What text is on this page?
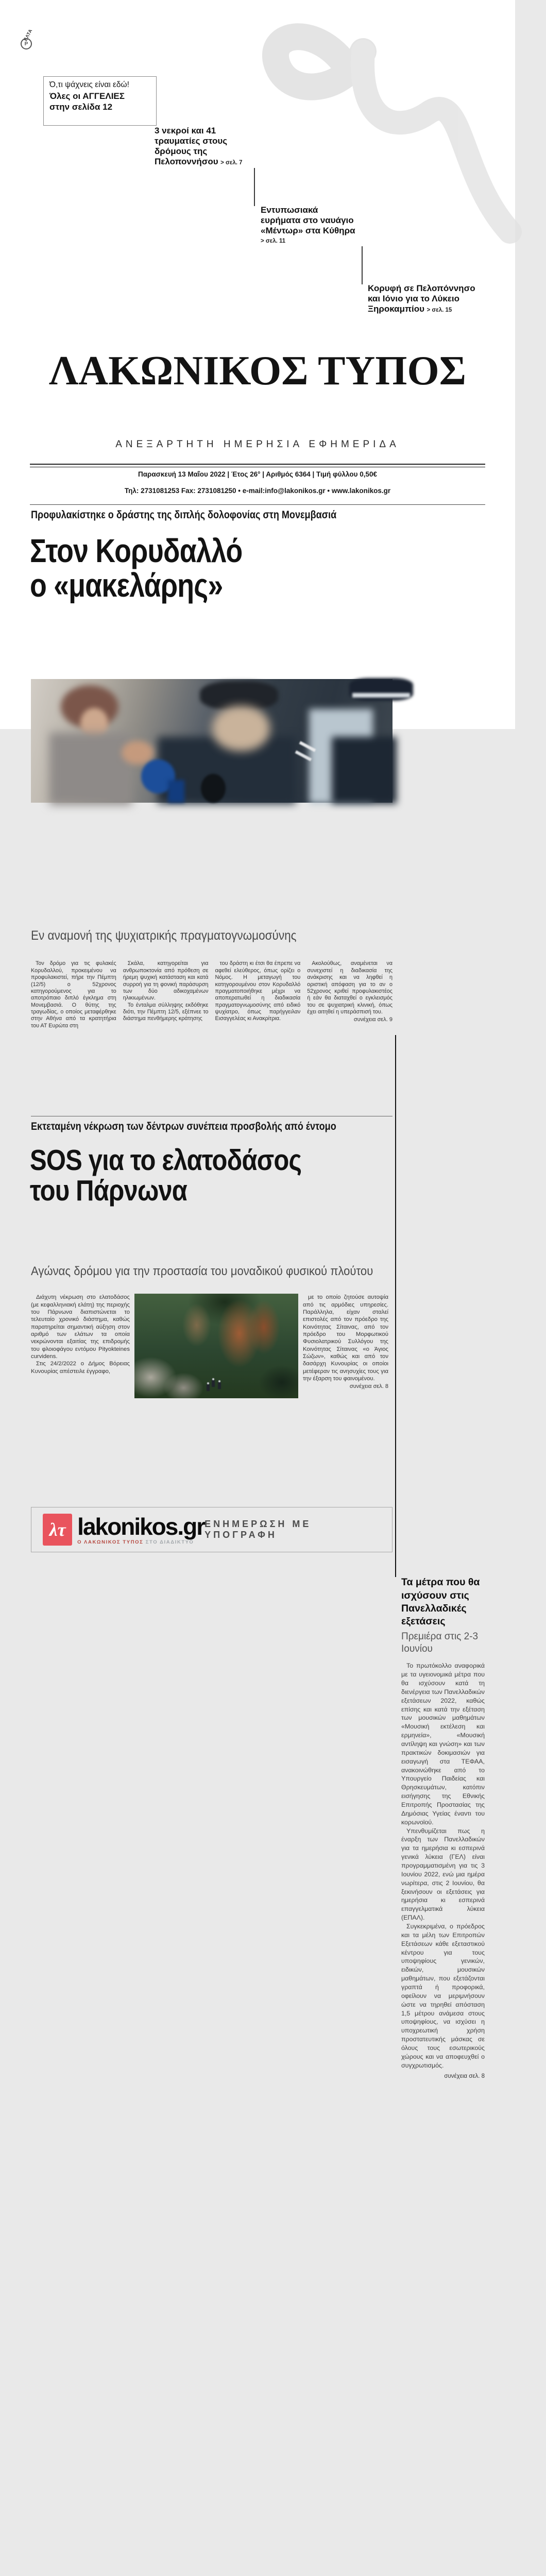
ΕΛΤΑ
P
Ό,τι ψάχνεις είναι εδώ!
Όλες οι ΑΓΓΕΛΙΕΣ
στην σελίδα 12
3 νεκροί και 41 τραυματίες στους δρόμους της Πελοποννήσου > σελ. 7
Εντυπωσιακά ευρήματα στο ναυάγιο «Μέντωρ» στα Κύθηρα > σελ. 11
Κορυφή σε Πελοπόννησο και Ιόνιο για το Λύκειο Ξηροκαμπίου > σελ. 15
ΛΑΚΩΝΙΚΟΣ ΤΥΠΟΣ
ΑΝΕΞΑΡΤΗΤΗ ΗΜΕΡΗΣΙΑ ΕΦΗΜΕΡΙΔΑ
Παρασκευή 13 Μαΐου 2022 | Έτος 26° | Αριθμός 6364 | Τιμή φύλλου 0,50€
Τηλ: 2731081253 Fax: 2731081250 • e-mail:info@lakonikos.gr • www.lakonikos.gr
Προφυλακίστηκε ο δράστης της διπλής δολοφονίας στη Μονεμβασιά
Στον Κορυδαλλό
ο «μακελάρης»
Εν αναμονή της ψυχιατρικής πραγματογνωμοσύνης

Τον δρόμο για τις φυλακές Κορυδαλλού, προκειμένου να προφυλακιστεί, πήρε την Πέμπτη (12/5) ο 52χρονος κατηγορούμενος για το αποτρόπαιο διπλό έγκλημα στη Μονεμβασιά. Ο θύτης της τραγωδίας, ο οποίος μεταφέρθηκε στην Αθήνα από τα κρατητήρια του ΑΤ Ευρώτα στη

Σκάλα, κατηγορείται για ανθρωποκτονία από πρόθεση σε ήρεμη ψυχική κατάσταση και κατά συρροή για τη φονική παράσυρση των δύο αδικοχαμένων ηλικιωμένων.

Το ένταλμα σύλληψης εκδόθηκε διότι, την Πέμπτη 12/5, εξέπνεε το διάστημα πενθήμερης κράτησης

του δράστη κι έτσι θα έπρεπε να αφεθεί ελεύθερος, όπως ορίζει ο Νόμος. Η μεταγωγή του κατηγορουμένου στον Κορυδαλλό πραγματοποιήθηκε μέχρι να αποπερατωθεί η διαδικασία πραγματογνωμοσύνης από ειδικό ψυχίατρο, όπως παρήγγειλαν Εισαγγελέας κι Ανακρίτρια.

Ακολούθως, αναμένεται να συνεχιστεί η διαδικασία της ανάκρισης και να ληφθεί η οριστική απόφαση για το αν ο 52χρονος κριθεί προφυλακιστέος ή εάν θα διαταχθεί ο εγκλεισμός του σε ψυχιατρική κλινική, όπως έχει αιτηθεί η υπεράσπισή του.

συνέχεια σελ. 9
Εκτεταμένη νέκρωση των δέντρων συνέπεια προσβολής από έντομο
SOS για το ελατοδάσος
του Πάρνωνα
Αγώνας δρόμου για την προστασία του μοναδικού φυσικού πλούτου

Διάχυτη νέκρωση στο ελατοδάσος (με κεφαλληνιακή ελάτη) της περιοχής του Πάρνωνα διαπιστώνεται το τελευταίο χρονικό διάστημα, καθώς παρατηρείται σημαντική αύξηση στον αριθμό των ελάτων τα οποία νεκρώνονται εξαιτίας της επιδρομής του φλοιοφάγου εντόμου Pityokteines curvidens.

Στις 24/2/2022 ο Δήμος Βόρειας Κυνουρίας απέστειλε έγγραφο,

με το οποίο ζητούσε αυτοψία από τις αρμόδιες υπηρεσίες. Παράλληλα, είχαν σταλεί επιστολές από τον πρόεδρο της Κοινότητας Σίταινας, από τον πρόεδρο του Μορφωτικού Φυσιολατρικού Συλλόγου της Κοινότητας Σίταινας «ο Άγιος Σώζων», καθώς και από τον δασάρχη Κυνουρίας οι οποίοι μετέφεραν τις ανησυχίες τους για την έξαρση του φαινομένου.

συνέχεια σελ. 8
λτ lakonikos.gr
Ο ΛΑΚΩΝΙΚΟΣ ΤΥΠΟΣ ΣΤΟ ΔΙΑΔΙΚΤΥΟ
ΕΝΗΜΕΡΩΣΗ ΜΕ ΥΠΟΓΡΑΦΗ
Τα μέτρα που θα ισχύσουν στις Πανελλαδικές εξετάσεις
Πρεμιέρα στις 2-3 Ιουνίου

Το πρωτόκολλο αναφορικά με τα υγειονομικά μέτρα που θα ισχύσουν κατά τη διενέργεια των Πανελλαδικών εξετάσεων 2022, καθώς επίσης και κατά την εξέταση των μουσικών μαθημάτων «Μουσική εκτέλεση και ερμηνεία», «Μουσική αντίληψη και γνώση» και των πρακτικών δοκιμασιών για εισαγωγή στα ΤΕΦΑΑ, ανακοινώθηκε από το Υπουργείο Παιδείας και Θρησκευμάτων, κατόπιν εισήγησης της Εθνικής Επιτροπής Προστασίας της Δημόσιας Υγείας έναντι του κορωνοϊού.

Υπενθυμίζεται πως η έναρξη των Πανελλαδικών για τα ημερήσια κι εσπερινά γενικά λύκεια (ΓΕΛ) είναι προγραμματισμένη για τις 3 Ιουνίου 2022, ενώ μια ημέρα νωρίτερα, στις 2 Ιουνίου, θα ξεκινήσουν οι εξετάσεις για ημερήσια κι εσπερινά επαγγελματικά λύκεια (ΕΠΑΛ).

Συγκεκριμένα, ο πρόεδρος και τα μέλη των Επιτροπών Εξετάσεων κάθε εξεταστικού κέντρου για τους υποψηφίους γενικών, ειδικών, μουσικών μαθημάτων, που εξετάζονται γραπτά ή προφορικά, οφείλουν να μεριμνήσουν ώστε να τηρηθεί απόσταση 1,5 μέτρου ανάμεσα στους υποψηφίους, να ισχύσει η υποχρεωτική χρήση προστατευτικής μάσκας σε όλους τους εσωτερικούς χώρους και να αποφευχθεί ο συγχρωτισμός.

συνέχεια σελ. 8
